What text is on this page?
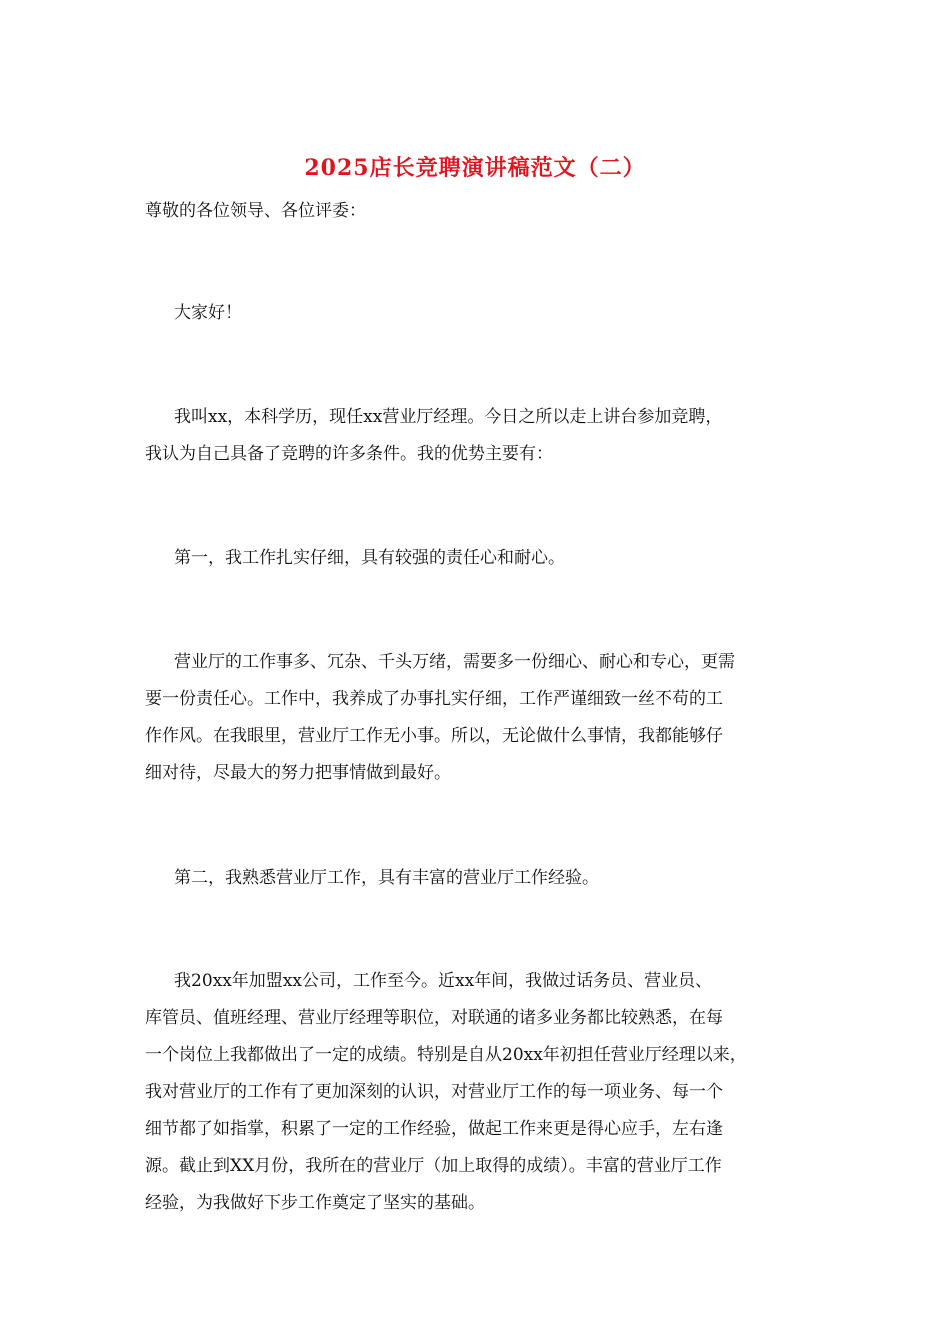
2025店长竞聘演讲稿范文（二）
尊敬的各位领导、各位评委：
大家好！
我叫xx，本科学历，现任xx营业厅经理。今日之所以走上讲台参加竞聘，
我认为自己具备了竞聘的许多条件。我的优势主要有：
第一，我工作扎实仔细，具有较强的责任心和耐心。
营业厅的工作事多、冗杂、千头万绪，需要多一份细心、耐心和专心，更需
要一份责任心。工作中，我养成了办事扎实仔细，工作严谨细致一丝不苟的工
作作风。在我眼里，营业厅工作无小事。所以，无论做什么事情，我都能够仔
细对待，尽最大的努力把事情做到最好。
第二，我熟悉营业厅工作，具有丰富的营业厅工作经验。
我20xx年加盟xx公司，工作至今。近xx年间，我做过话务员、营业员、
库管员、值班经理、营业厅经理等职位，对联通的诸多业务都比较熟悉，在每
一个岗位上我都做出了一定的成绩。特别是自从20xx年初担任营业厅经理以来，
我对营业厅的工作有了更加深刻的认识，对营业厅工作的每一项业务、每一个
细节都了如指掌，积累了一定的工作经验，做起工作来更是得心应手，左右逢
源。截止到XX月份，我所在的营业厅（加上取得的成绩）。丰富的营业厅工作
经验，为我做好下步工作奠定了坚实的基础。
